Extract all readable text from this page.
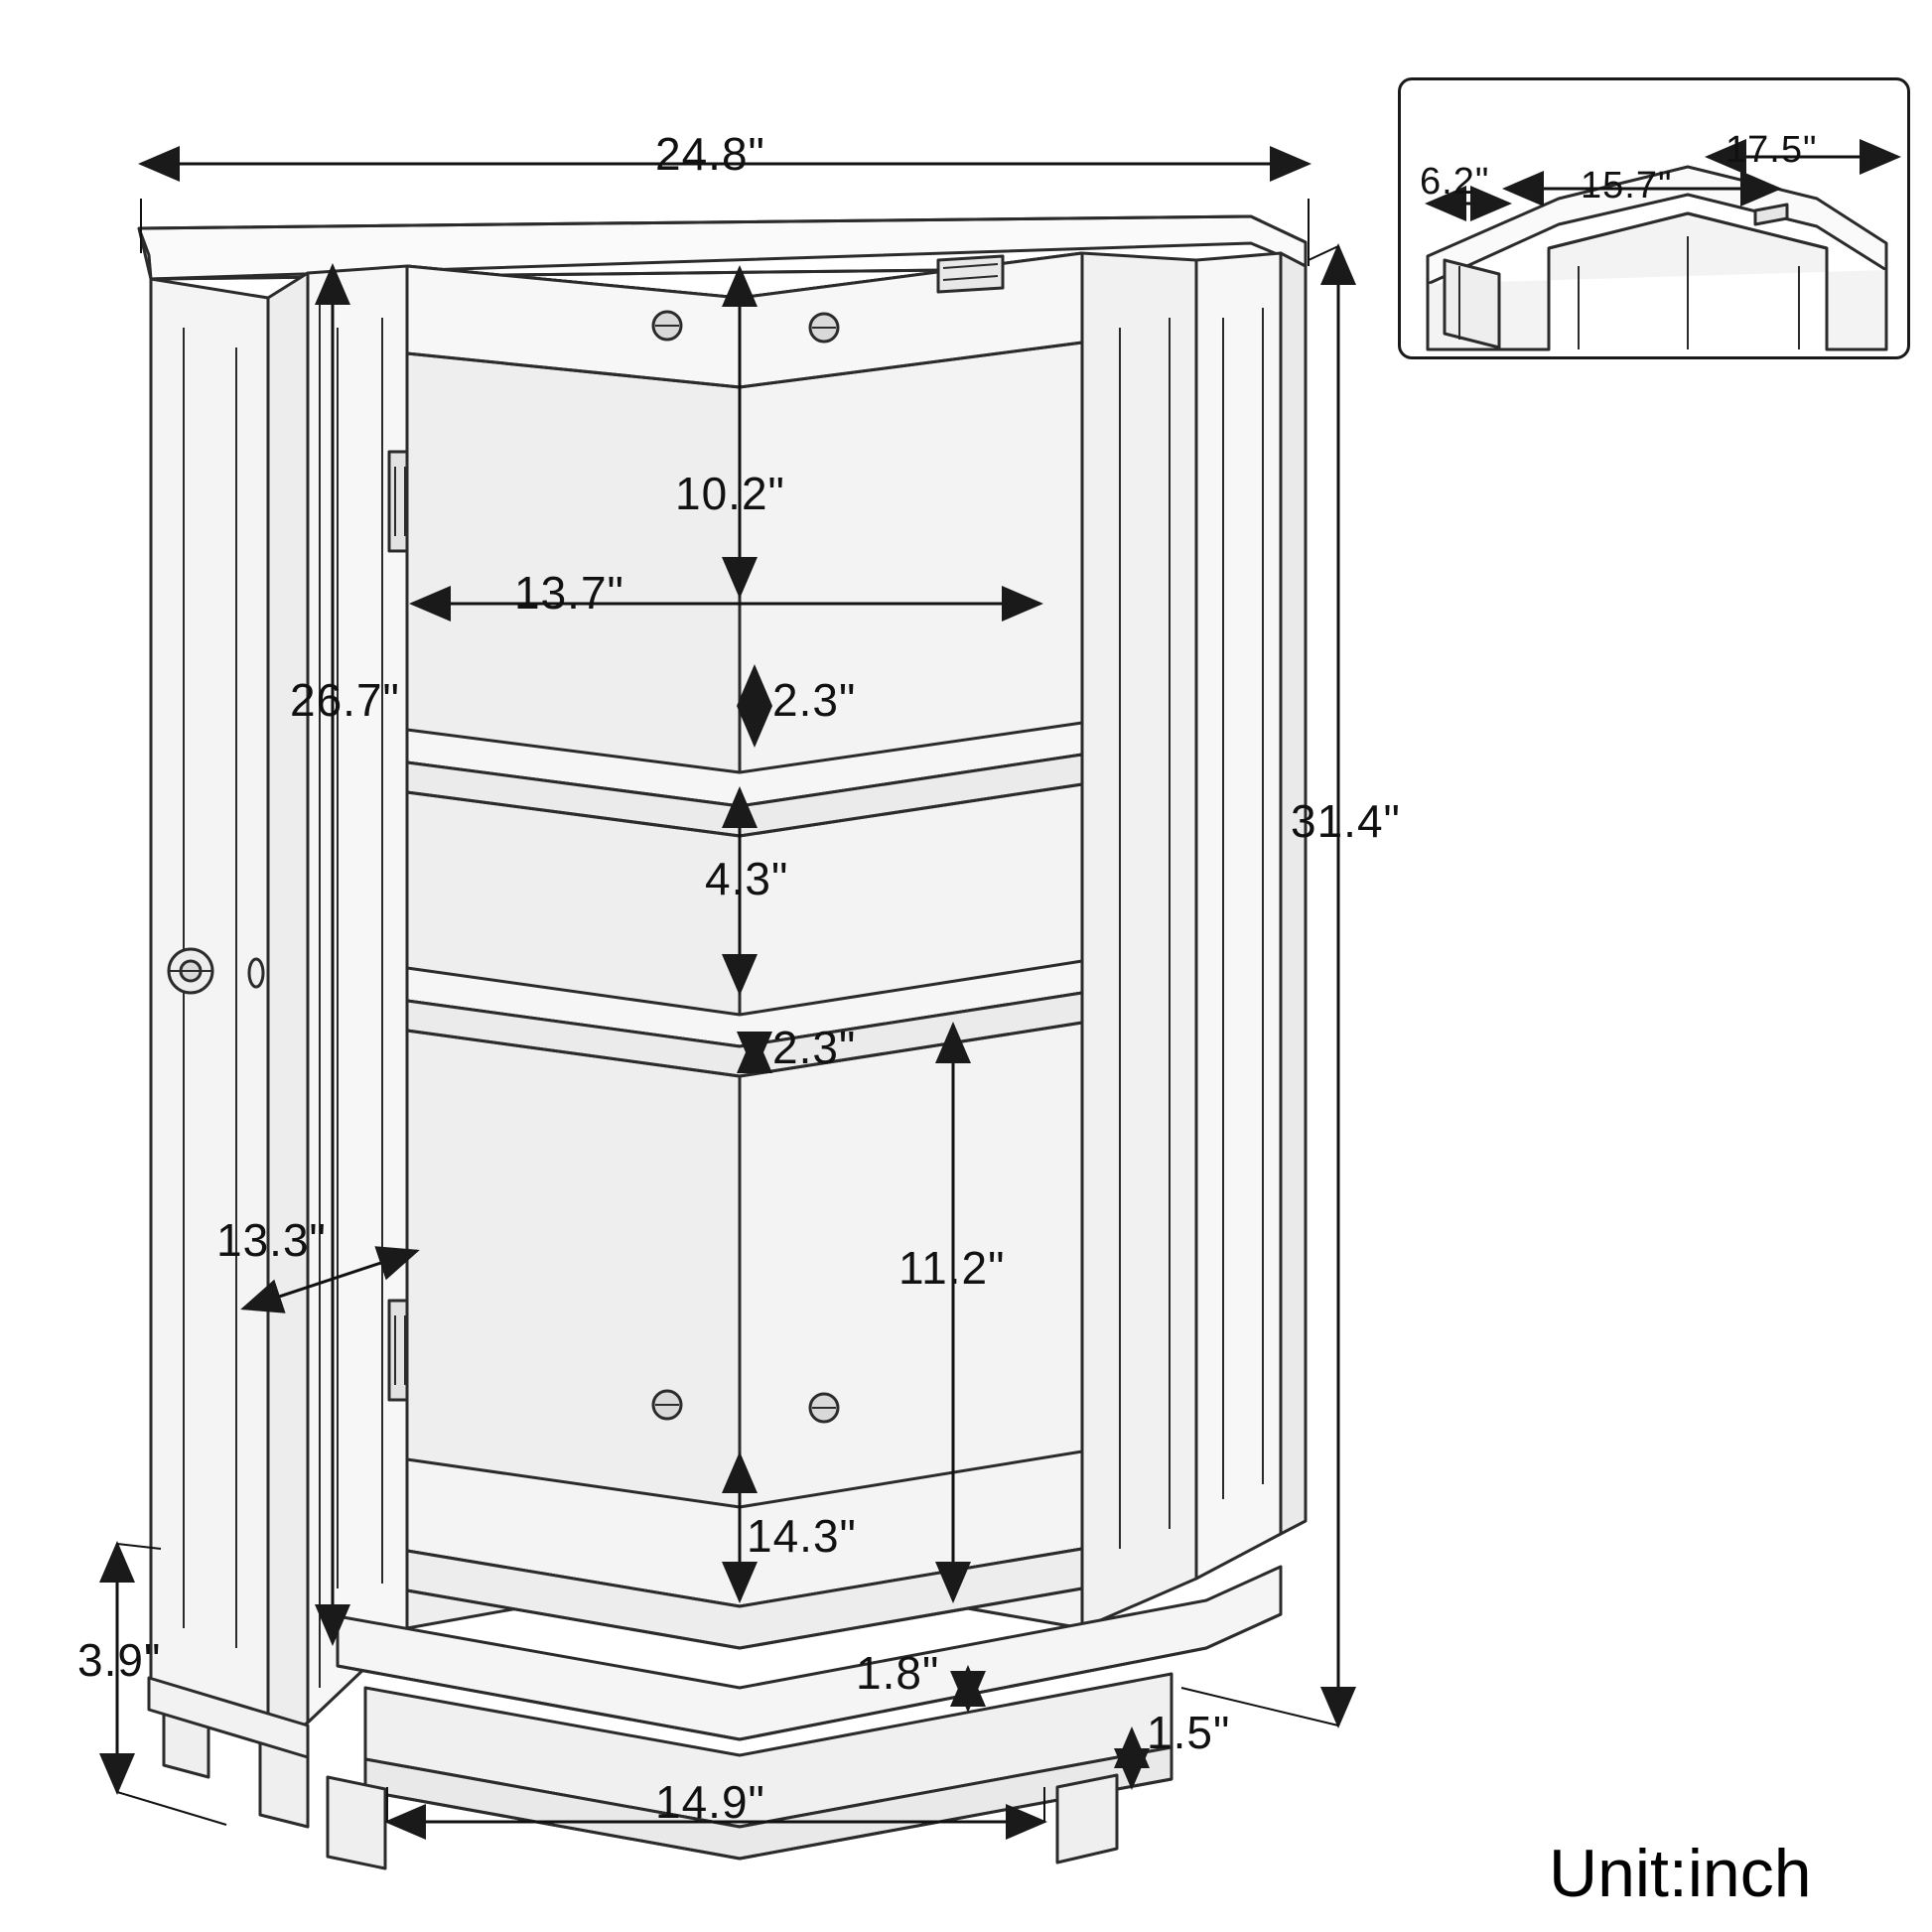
24.8"
31.4"
26.7"
10.2"
13.7"
2.3"
4.3"
2.3"
11.2"
13.3"
14.3"
3.9"	1.8"
1.5"
14.9"
17.5"
15.7"
6.2"
Unit:inch
